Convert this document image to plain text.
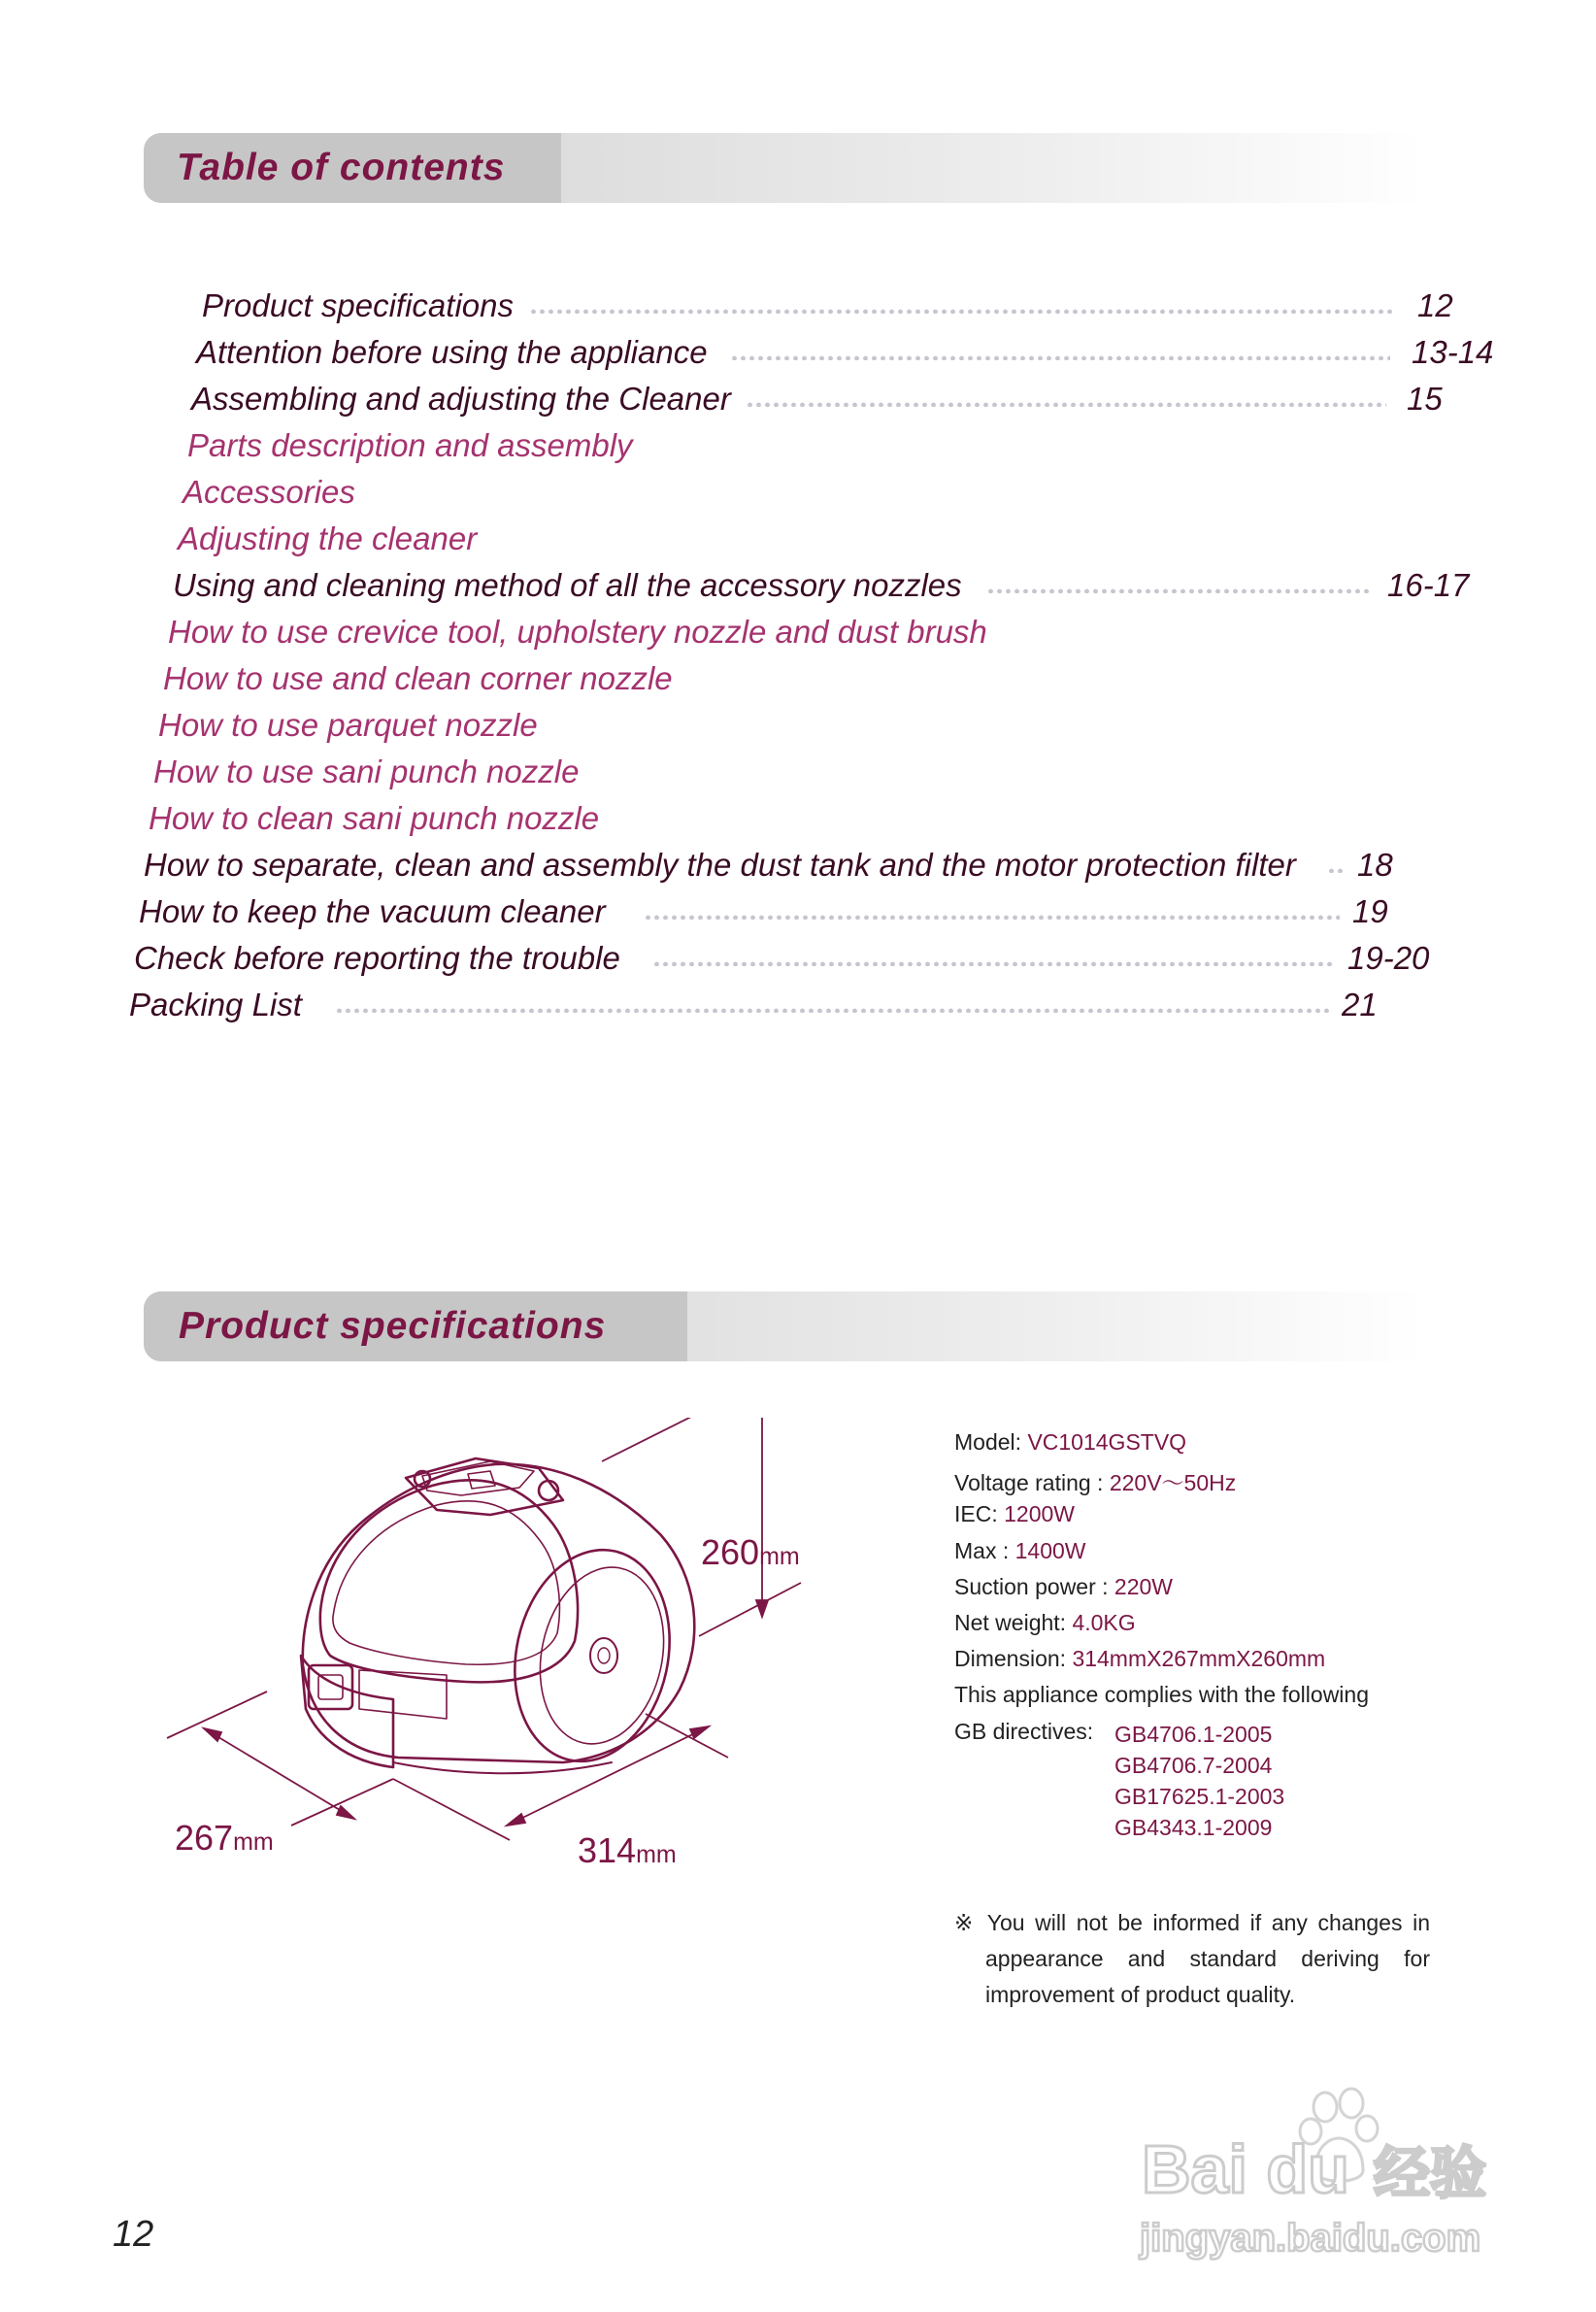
Table of contents
Product specifications	12
Attention before using the appliance	13-14
Assembling and adjusting the Cleaner	15
Parts description and assembly
Accessories
Adjusting the cleaner
Using and cleaning method of all the accessory nozzles	16-17
How to use crevice tool, upholstery nozzle and dust brush
How to use and clean corner nozzle
How to use parquet nozzle
How to use sani punch nozzle
How to clean sani punch nozzle
How to separate, clean and assembly the dust tank and the motor protection filter 18
How to keep the vacuum cleaner	19
Check before reporting the trouble	19-20
Packing List	21
Product specifications
260mm
267mm	314mm
Model: VC1014GSTVQ
Voltage rating : 220V～50Hz
IEC: 1200W
Max : 1400W
Suction power : 220W
Net weight: 4.0KG
Dimension: 314mmX267mmX260mm
This appliance complies with the following
GB directives: GB4706.1-2005
GB4706.7-2004
GB17625.1-2003
GB4343.1-2009
※ You will not be informed if any changes in
appearance and standard deriving for
improvement of product quality.
12
Bai du 经验
jingyan.baidu.com
